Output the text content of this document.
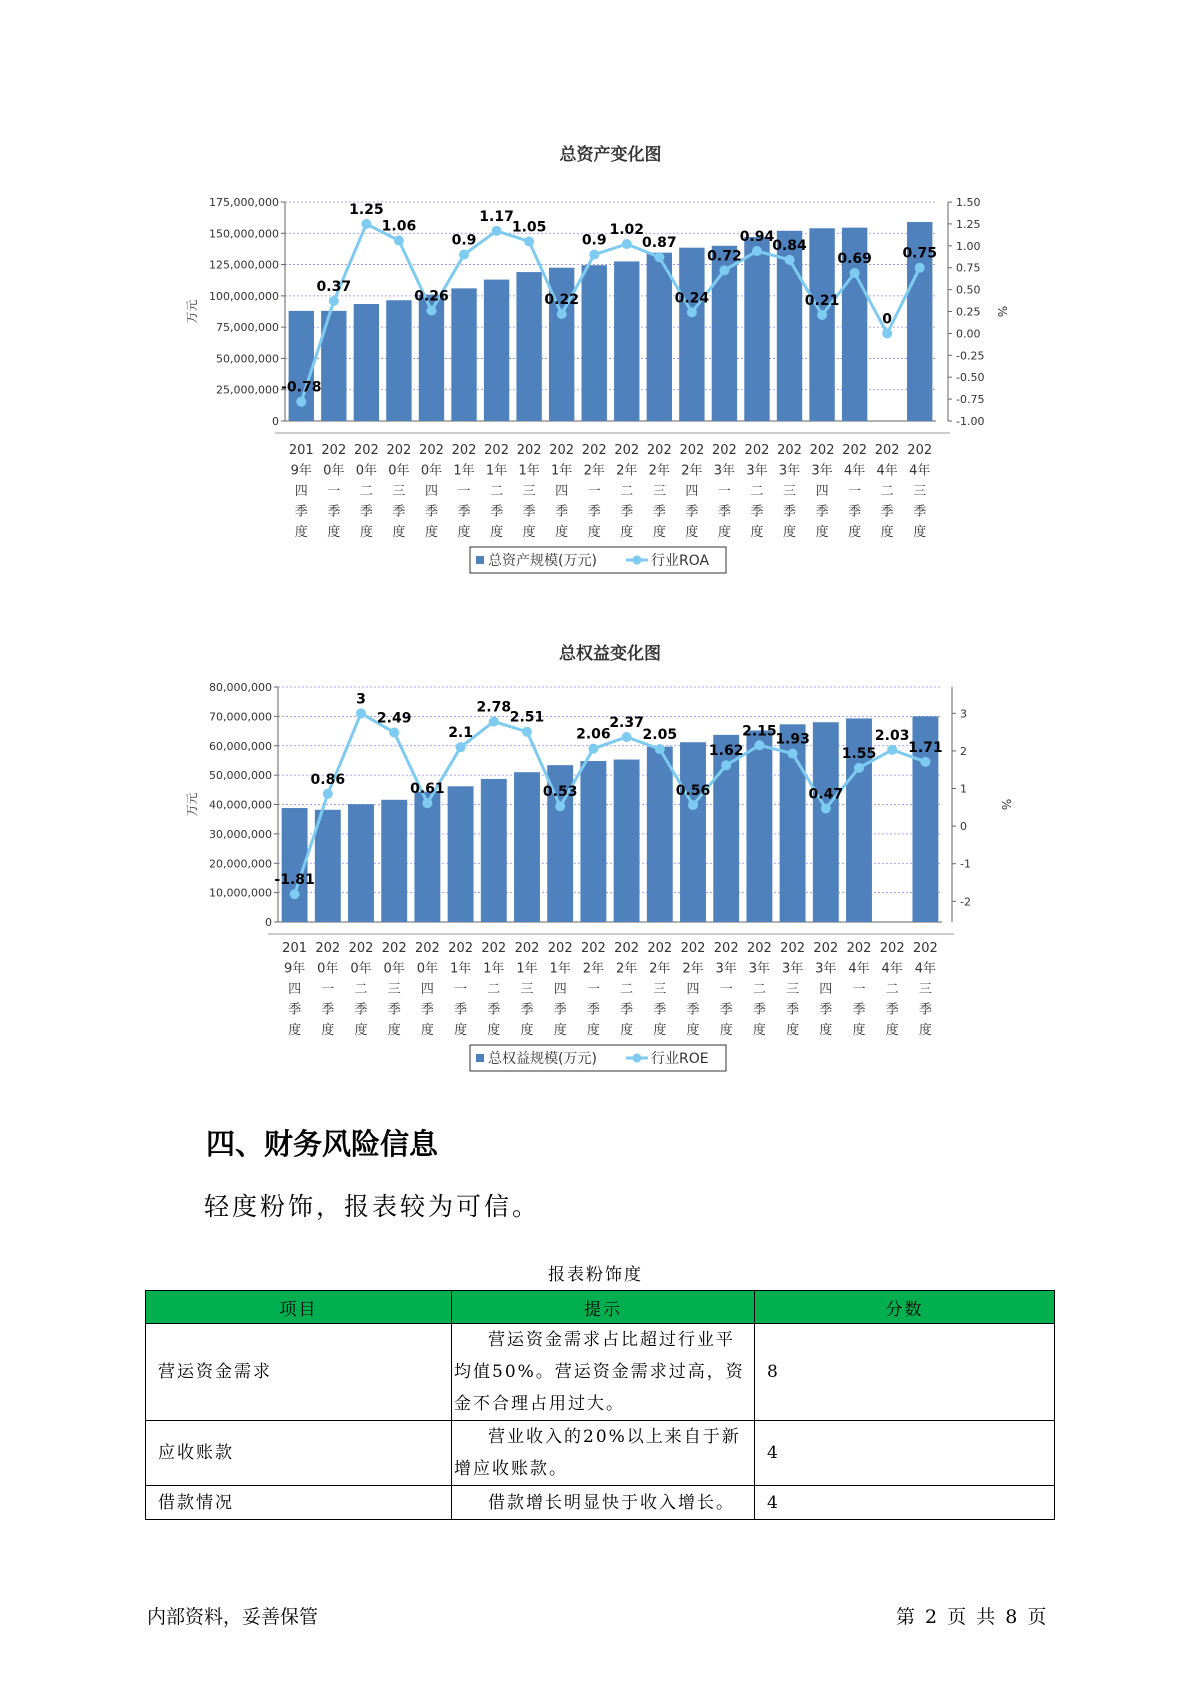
总资产变化图
175,000,000
150,000,000
125,000,000
100,000,000
75,000,000
50,000,000
25,000,000
0
1.50
1.25
1.00
0.75
0.50
0.25
0.00
-0.25
-0.50
-0.75
-1.00
万元	%
-0.78
0.37
1.25
1.06
0.26
0.9
1.17
1.05
0.22
0.9
1.02
0.87
0.24
0.72
0.94
0.84
0.21
0.69
0
0.75
201
9年
四
季
度
202
0年
一
季
度
202
0年
二
季
度
202
0年
三
季
度
202
0年
四
季
度
202
1年
一
季
度
202
1年
二
季
度
202
1年
三
季
度
202
1年
四
季
度
202
2年
一
季
度
202
2年
二
季
度
202
2年
三
季
度
202
2年
四
季
度
202
3年
一
季
度
202
3年
二
季
度
202
3年
三
季
度
202
3年
四
季
度
202
4年
一
季
度
202
4年
二
季
度
202
4年
三
季
度
总资产规模(万元)	行业ROA
总权益变化图
80,000,000
70,000,000
60,000,000
50,000,000
40,000,000
30,000,000
20,000,000
10,000,000
0
3
2
1
0
-1
-2
万元	%
-1.81
0.86
3
2.49
0.61
2.1
2.78
2.51
0.53
2.06
2.37
2.05
0.56
1.62
2.15
1.93
0.47
1.55
2.03
1.71
201
9年
四
季
度
202
0年
一
季
度
202
0年
二
季
度
202
0年
三
季
度
202
0年
四
季
度
202
1年
一
季
度
202
1年
二
季
度
202
1年
三
季
度
202
1年
四
季
度
202
2年
一
季
度
202
2年
二
季
度
202
2年
三
季
度
202
2年
四
季
度
202
3年
一
季
度
202
3年
二
季
度
202
3年
三
季
度
202
3年
四
季
度
202
4年
一
季
度
202
4年
二
季
度
202
4年
三
季
度
总权益规模(万元)	行业ROE
四、财务风险信息
轻度粉饰，报表较为可信。
报表粉饰度
项目	提示	分数
营运资金需求	营运资金需求占比超过行业平均值50%。营运资金需求过高，资金不合理占用过大。	8
应收账款	营业收入的20%以上来自于新增应收账款。	4
借款情况	借款增长明显快于收入增长。	4
内部资料，妥善保管	第 2 页 共 8 页
